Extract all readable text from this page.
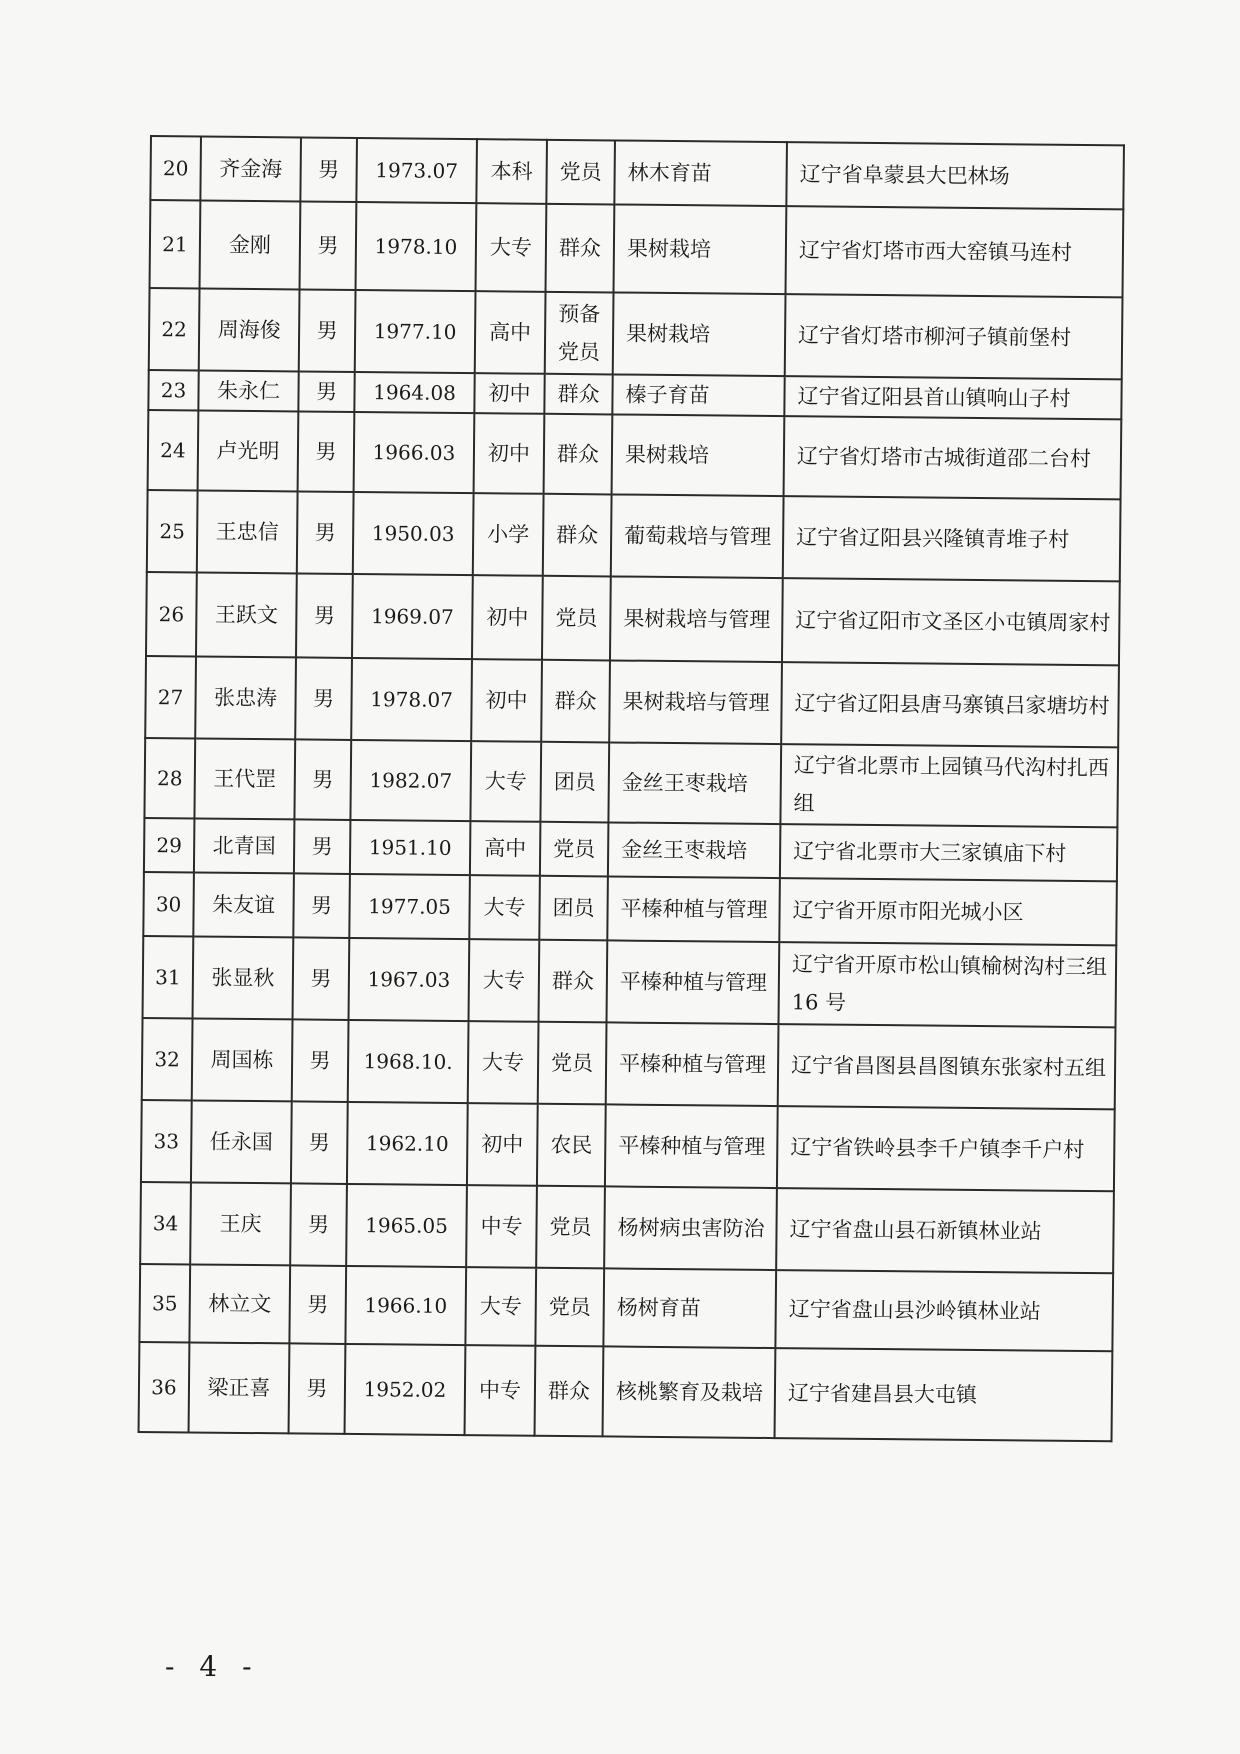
20	齐金海	男	1973.07	本科	党员	林木育苗	辽宁省阜蒙县大巴林场
21	金刚	男	1978.10	大专	群众	果树栽培	辽宁省灯塔市西大窑镇马连村
22	周海俊	男	1977.10	高中	预备党员	果树栽培	辽宁省灯塔市柳河子镇前堡村
23	朱永仁	男	1964.08	初中	群众	榛子育苗	辽宁省辽阳县首山镇响山子村
24	卢光明	男	1966.03	初中	群众	果树栽培	辽宁省灯塔市古城街道邵二台村
25	王忠信	男	1950.03	小学	群众	葡萄栽培与管理	辽宁省辽阳县兴隆镇青堆子村
26	王跃文	男	1969.07	初中	党员	果树栽培与管理	辽宁省辽阳市文圣区小屯镇周家村
27	张忠涛	男	1978.07	初中	群众	果树栽培与管理	辽宁省辽阳县唐马寨镇吕家塘坊村
28	王代罡	男	1982.07	大专	团员	金丝王枣栽培	辽宁省北票市上园镇马代沟村扎西组
29	北青国	男	1951.10	高中	党员	金丝王枣栽培	辽宁省北票市大三家镇庙下村
30	朱友谊	男	1977.05	大专	团员	平榛种植与管理	辽宁省开原市阳光城小区
31	张显秋	男	1967.03	大专	群众	平榛种植与管理	辽宁省开原市松山镇榆树沟村三组 16 号
32	周国栋	男	1968.10.	大专	党员	平榛种植与管理	辽宁省昌图县昌图镇东张家村五组
33	任永国	男	1962.10	初中	农民	平榛种植与管理	辽宁省铁岭县李千户镇李千户村
34	王庆	男	1965.05	中专	党员	杨树病虫害防治	辽宁省盘山县石新镇林业站
35	林立文	男	1966.10	大专	党员	杨树育苗	辽宁省盘山县沙岭镇林业站
36	梁正喜	男	1952.02	中专	群众	核桃繁育及栽培	辽宁省建昌县大屯镇
- 4 -
